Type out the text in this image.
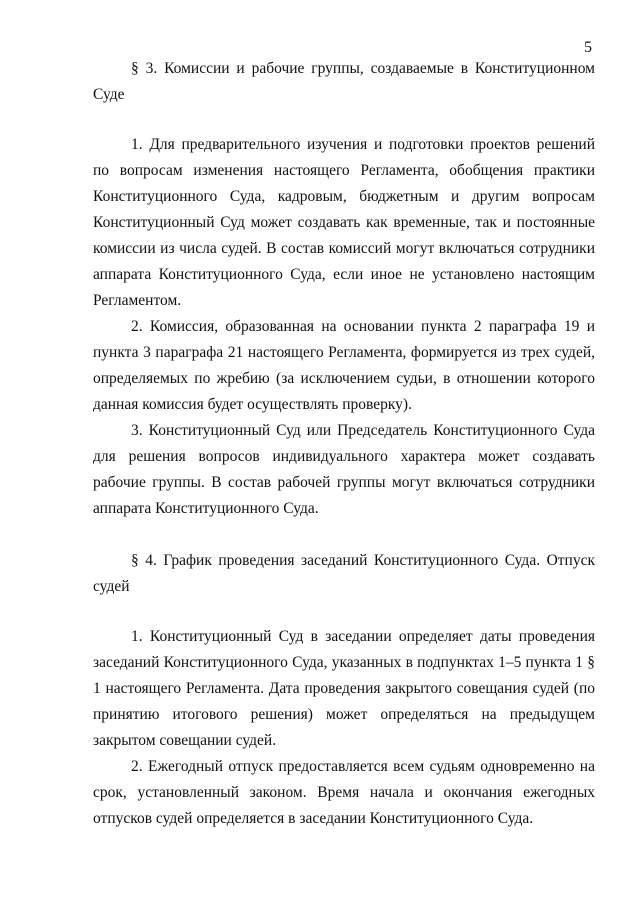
5

§ 3. Комиссии и рабочие группы, создаваемые в Конституционном Суде

1. Для предварительного изучения и подготовки проектов решений по вопросам изменения настоящего Регламента, обобщения практики Конституционного Суда, кадровым, бюджетным и другим вопросам Конституционный Суд может создавать как временные, так и постоянные комиссии из числа судей. В состав комиссий могут включаться сотрудники аппарата Конституционного Суда, если иное не установлено настоящим Регламентом.

2. Комиссия, образованная на основании пункта 2 параграфа 19 и пункта 3 параграфа 21 настоящего Регламента, формируется из трех судей, определяемых по жребию (за исключением судьи, в отношении которого данная комиссия будет осуществлять проверку).

3. Конституционный Суд или Председатель Конституционного Суда для решения вопросов индивидуального характера может создавать рабочие группы. В состав рабочей группы могут включаться сотрудники аппарата Конституционного Суда.

§ 4. График проведения заседаний Конституционного Суда. Отпуск судей

1. Конституционный Суд в заседании определяет даты проведения заседаний Конституционного Суда, указанных в подпунктах 1–5 пункта 1 § 1 настоящего Регламента. Дата проведения закрытого совещания судей (по принятию итогового решения) может определяться на предыдущем закрытом совещании судей.

2. Ежегодный отпуск предоставляется всем судьям одновременно на срок, установленный законом. Время начала и окончания ежегодных отпусков судей определяется в заседании Конституционного Суда.
